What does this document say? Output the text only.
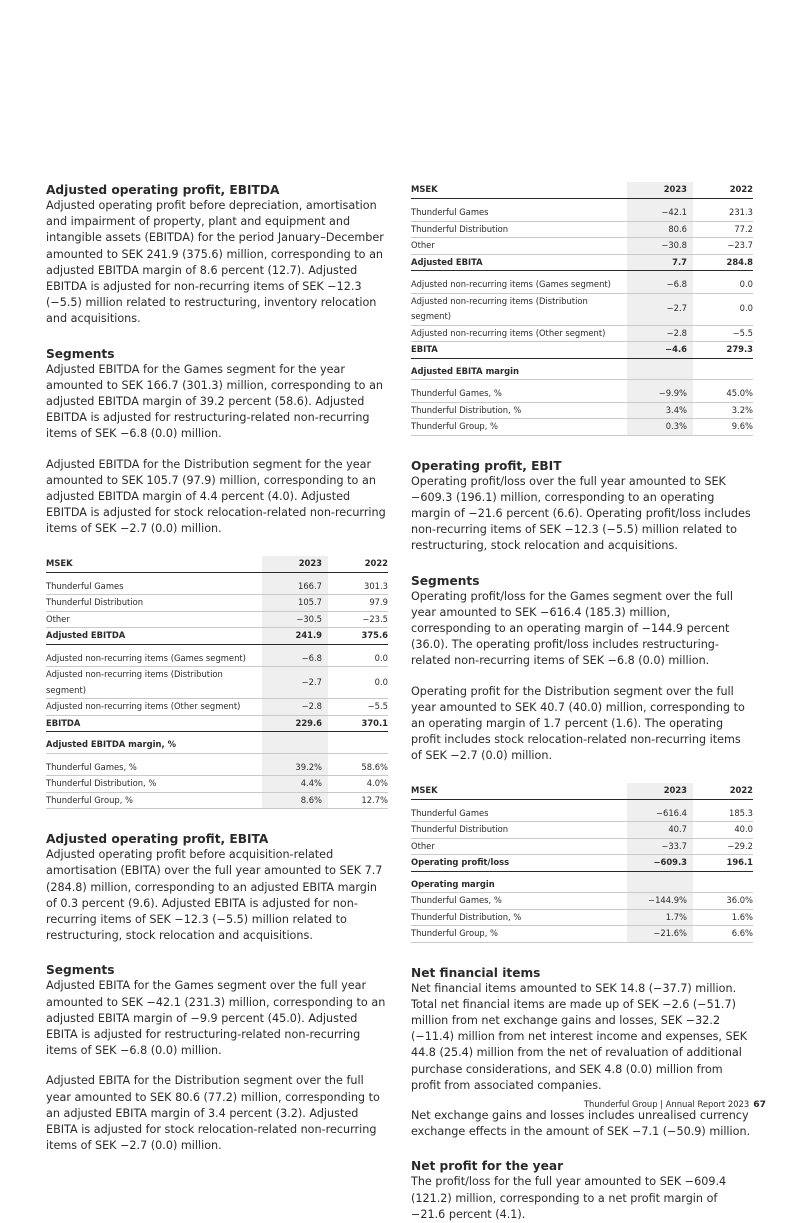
Adjusted operating profit, EBITDA

Adjusted operating profit before depreciation, amortisation and impairment of property, plant and equipment and intangible assets (EBITDA) for the period January–December amounted to SEK 241.9 (375.6) million, corresponding to an adjusted EBITDA margin of 8.6 percent (12.7). Adjusted EBITDA is adjusted for non-recurring items of SEK −12.3 (−5.5) million related to restructuring, inventory relocation and acquisitions.

Segments

Adjusted EBITDA for the Games segment for the year amounted to SEK 166.7 (301.3) million, corresponding to an adjusted EBITDA margin of 39.2 percent (58.6). Adjusted EBITDA is adjusted for restructuring-related non-recurring items of SEK −6.8 (0.0) million.

Adjusted EBITDA for the Distribution segment for the year amounted to SEK 105.7 (97.9) million, corresponding to an adjusted EBITDA margin of 4.4 percent (4.0). Adjusted EBITDA is adjusted for stock relocation-related non-recurring items of SEK −2.7 (0.0) million.

MSEK	2023	2022
Thunderful Games	166.7	301.3
Thunderful Distribution	105.7	97.9
Other	−30.5	−23.5
Adjusted EBITDA	241.9	375.6
Adjusted non-recurring items (Games segment)	−6.8	0.0
Adjusted non-recurring items (Distribution segment)	−2.7	0.0
Adjusted non-recurring items (Other segment)	−2.8	−5.5
EBITDA	229.6	370.1
Adjusted EBITDA margin, %		
Thunderful Games, %	39.2%	58.6%
Thunderful Distribution, %	4.4%	4.0%
Thunderful Group, %	8.6%	12.7%
Adjusted operating profit, EBITA

Adjusted operating profit before acquisition-related amortisation (EBITA) over the full year amounted to SEK 7.7 (284.8) million, corresponding to an adjusted EBITA margin of 0.3 percent (9.6). Adjusted EBITA is adjusted for non-recurring items of SEK −12.3 (−5.5) million related to restructuring, stock relocation and acquisitions.

Segments

Adjusted EBITA for the Games segment over the full year amounted to SEK −42.1 (231.3) million, corresponding to an adjusted EBITA margin of −9.9 percent (45.0). Adjusted EBITA is adjusted for restructuring-related non-recurring items of SEK −6.8 (0.0) million.

Adjusted EBITA for the Distribution segment over the full year amounted to SEK 80.6 (77.2) million, corresponding to an adjusted EBITA margin of 3.4 percent (3.2). Adjusted EBITA is adjusted for stock relocation-related non-recurring items of SEK −2.7 (0.0) million.

MSEK	2023	2022
Thunderful Games	−42.1	231.3
Thunderful Distribution	80.6	77.2
Other	−30.8	−23.7
Adjusted EBITA	7.7	284.8
Adjusted non-recurring items (Games segment)	−6.8	0.0
Adjusted non-recurring items (Distribution segment)	−2.7	0.0
Adjusted non-recurring items (Other segment)	−2.8	−5.5
EBITA	−4.6	279.3
Adjusted EBITA margin		
Thunderful Games, %	−9.9%	45.0%
Thunderful Distribution, %	3.4%	3.2%
Thunderful Group, %	0.3%	9.6%
Operating profit, EBIT

Operating profit/loss over the full year amounted to SEK −609.3 (196.1) million, corresponding to an operating margin of −21.6 percent (6.6). Operating profit/loss includes non-recurring items of SEK −12.3 (−5.5) million related to restructuring, stock relocation and acquisitions.

Segments

Operating profit/loss for the Games segment over the full year amounted to SEK −616.4 (185.3) million, corresponding to an operating margin of −144.9 percent (36.0). The operating profit/loss includes restructuring-related non-recurring items of SEK −6.8 (0.0) million.

Operating profit for the Distribution segment over the full year amounted to SEK 40.7 (40.0) million, corresponding to an operating margin of 1.7 percent (1.6). The operating profit includes stock relocation-related non-recurring items of SEK −2.7 (0.0) million.

MSEK	2023	2022
Thunderful Games	−616.4	185.3
Thunderful Distribution	40.7	40.0
Other	−33.7	−29.2
Operating profit/loss	−609.3	196.1
Operating margin		
Thunderful Games, %	−144.9%	36.0%
Thunderful Distribution, %	1.7%	1.6%
Thunderful Group, %	−21.6%	6.6%
Net financial items

Net financial items amounted to SEK 14.8 (−37.7) million. Total net financial items are made up of SEK −2.6 (−51.7) million from net exchange gains and losses, SEK −32.2 (−11.4) million from net interest income and expenses, SEK 44.8 (25.4) million from the net of revaluation of additional purchase considerations, and SEK 4.8 (0.0) million from profit from associated companies.

Net exchange gains and losses includes unrealised currency exchange effects in the amount of SEK −7.1 (−50.9) million.

Net profit for the year

The profit/loss for the full year amounted to SEK −609.4 (121.2) million, corresponding to a net profit margin of −21.6 percent (4.1).

Thunderful Group | Annual Report 2023 67
